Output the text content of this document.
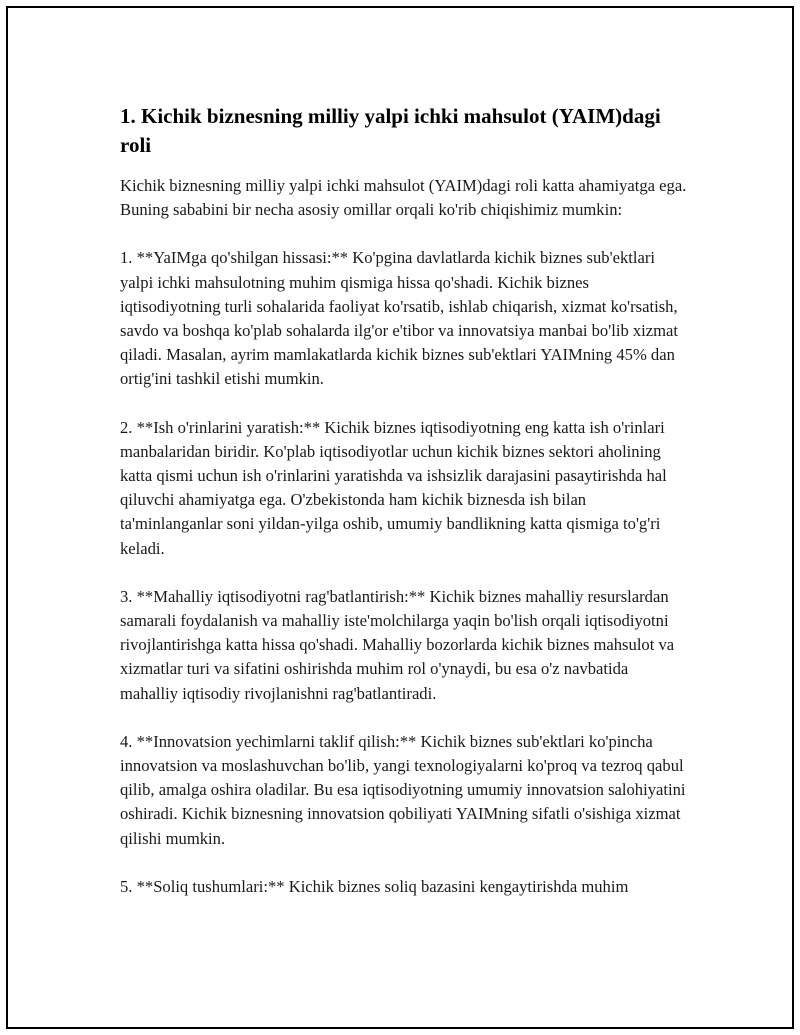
1. Kichik biznesning milliy yalpi ichki mahsulot (YAIM)dagi roli

Kichik biznesning milliy yalpi ichki mahsulot (YAIM)dagi roli katta ahamiyatga ega. Buning sababini bir necha asosiy omillar orqali ko'rib chiqishimiz mumkin:

1. **YaIMga qo'shilgan hissasi:** Ko'pgina davlatlarda kichik biznes sub'ektlari yalpi ichki mahsulotning muhim qismiga hissa qo'shadi. Kichik biznes iqtisodiyotning turli sohalarida faoliyat ko'rsatib, ishlab chiqarish, xizmat ko'rsatish, savdo va boshqa ko'plab sohalarda ilg'or e'tibor va innovatsiya manbai bo'lib xizmat qiladi. Masalan, ayrim mamlakatlarda kichik biznes sub'ektlari YAIMning 45% dan ortig'ini tashkil etishi mumkin.

2. **Ish o'rinlarini yaratish:** Kichik biznes iqtisodiyotning eng katta ish o'rinlari manbalaridan biridir. Ko'plab iqtisodiyotlar uchun kichik biznes sektori aholining katta qismi uchun ish o'rinlarini yaratishda va ishsizlik darajasini pasaytirishda hal qiluvchi ahamiyatga ega. O'zbekistonda ham kichik biznesda ish bilan ta'minlanganlar soni yildan-yilga oshib, umumiy bandlikning katta qismiga to'g'ri keladi.

3. **Mahalliy iqtisodiyotni rag'batlantirish:** Kichik biznes mahalliy resurslardan samarali foydalanish va mahalliy iste'molchilarga yaqin bo'lish orqali iqtisodiyotni rivojlantirishga katta hissa qo'shadi. Mahalliy bozorlarda kichik biznes mahsulot va xizmatlar turi va sifatini oshirishda muhim rol o'ynaydi, bu esa o'z navbatida mahalliy iqtisodiy rivojlanishni rag'batlantiradi.

4. **Innovatsion yechimlarni taklif qilish:** Kichik biznes sub'ektlari ko'pincha innovatsion va moslashuvchan bo'lib, yangi texnologiyalarni ko'proq va tezroq qabul qilib, amalga oshira oladilar. Bu esa iqtisodiyotning umumiy innovatsion salohiyatini oshiradi. Kichik biznesning innovatsion qobiliyati YAIMning sifatli o'sishiga xizmat qilishi mumkin.

5. **Soliq tushumlari:** Kichik biznes soliq bazasini kengaytirishda muhim
